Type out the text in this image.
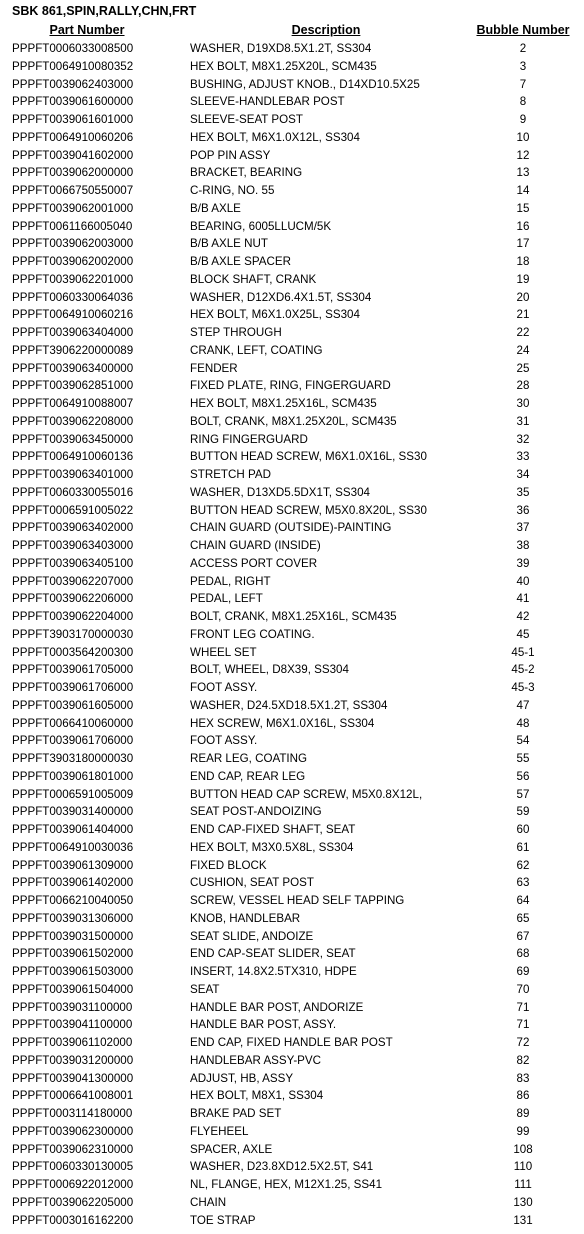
SBK 861,SPIN,RALLY,CHN,FRT
Part Number	Description	Bubble Number
PPPFT0006033008500	WASHER, D19XD8.5X1.2T, SS304	2
PPPFT0064910080352	HEX BOLT, M8X1.25X20L, SCM435	3
PPPFT0039062403000	BUSHING, ADJUST KNOB., D14XD10.5X25	7
PPPFT0039061600000	SLEEVE-HANDLEBAR POST	8
PPPFT0039061601000	SLEEVE-SEAT POST	9
PPPFT0064910060206	HEX BOLT, M6X1.0X12L, SS304	10
PPPFT0039041602000	POP PIN ASSY	12
PPPFT0039062000000	BRACKET, BEARING	13
PPPFT0066750550007	C-RING, NO. 55	14
PPPFT0039062001000	B/B AXLE	15
PPPFT0061166005040	BEARING, 6005LLUCM/5K	16
PPPFT0039062003000	B/B AXLE NUT	17
PPPFT0039062002000	B/B AXLE SPACER	18
PPPFT0039062201000	BLOCK SHAFT, CRANK	19
PPPFT0060330064036	WASHER, D12XD6.4X1.5T, SS304	20
PPPFT0064910060216	HEX BOLT, M6X1.0X25L, SS304	21
PPPFT0039063404000	STEP THROUGH	22
PPPFT3906220000089	CRANK, LEFT, COATING	24
PPPFT0039063400000	FENDER	25
PPPFT0039062851000	FIXED PLATE, RING, FINGERGUARD	28
PPPFT0064910088007	HEX BOLT, M8X1.25X16L, SCM435	30
PPPFT0039062208000	BOLT, CRANK, M8X1.25X20L, SCM435	31
PPPFT0039063450000	RING FINGERGUARD	32
PPPFT0064910060136	BUTTON HEAD SCREW, M6X1.0X16L, SS30	33
PPPFT0039063401000	STRETCH PAD	34
PPPFT0060330055016	WASHER, D13XD5.5DX1T, SS304	35
PPPFT0006591005022	BUTTON HEAD SCREW, M5X0.8X20L, SS30	36
PPPFT0039063402000	CHAIN GUARD (OUTSIDE)-PAINTING	37
PPPFT0039063403000	CHAIN GUARD (INSIDE)	38
PPPFT0039063405100	ACCESS PORT COVER	39
PPPFT0039062207000	PEDAL, RIGHT	40
PPPFT0039062206000	PEDAL, LEFT	41
PPPFT0039062204000	BOLT, CRANK, M8X1.25X16L, SCM435	42
PPPFT3903170000030	FRONT LEG COATING.	45
PPPFT0003564200300	WHEEL SET	45-1
PPPFT0039061705000	BOLT, WHEEL, D8X39, SS304	45-2
PPPFT0039061706000	FOOT ASSY.	45-3
PPPFT0039061605000	WASHER, D24.5XD18.5X1.2T, SS304	47
PPPFT0066410060000	HEX SCREW, M6X1.0X16L, SS304	48
PPPFT0039061706000	FOOT ASSY.	54
PPPFT3903180000030	REAR LEG, COATING	55
PPPFT0039061801000	END CAP, REAR LEG	56
PPPFT0006591005009	BUTTON HEAD CAP SCREW, M5X0.8X12L,	57
PPPFT0039031400000	SEAT POST-ANDOIZING	59
PPPFT0039061404000	END CAP-FIXED SHAFT, SEAT	60
PPPFT0064910030036	HEX BOLT, M3X0.5X8L, SS304	61
PPPFT0039061309000	FIXED BLOCK	62
PPPFT0039061402000	CUSHION, SEAT POST	63
PPPFT0066210040050	SCREW, VESSEL HEAD SELF TAPPING	64
PPPFT0039031306000	KNOB, HANDLEBAR	65
PPPFT0039031500000	SEAT SLIDE, ANDOIZE	67
PPPFT0039061502000	END CAP-SEAT SLIDER, SEAT	68
PPPFT0039061503000	INSERT, 14.8X2.5TX310, HDPE	69
PPPFT0039061504000	SEAT	70
PPPFT0039031100000	HANDLE BAR POST, ANDORIZE	71
PPPFT0039041100000	HANDLE BAR POST, ASSY.	71
PPPFT0039061102000	END CAP, FIXED HANDLE BAR POST	72
PPPFT0039031200000	HANDLEBAR ASSY-PVC	82
PPPFT0039041300000	ADJUST, HB, ASSY	83
PPPFT0006641008001	HEX BOLT, M8X1, SS304	86
PPPFT0003114180000	BRAKE PAD SET	89
PPPFT0039062300000	FLYEHEEL	99
PPPFT0039062310000	SPACER, AXLE	108
PPPFT0060330130005	WASHER, D23.8XD12.5X2.5T, S41	110
PPPFT0006922012000	NL, FLANGE, HEX, M12X1.25, SS41	111
PPPFT0039062205000	CHAIN	130
PPPFT0003016162200	TOE STRAP	131
